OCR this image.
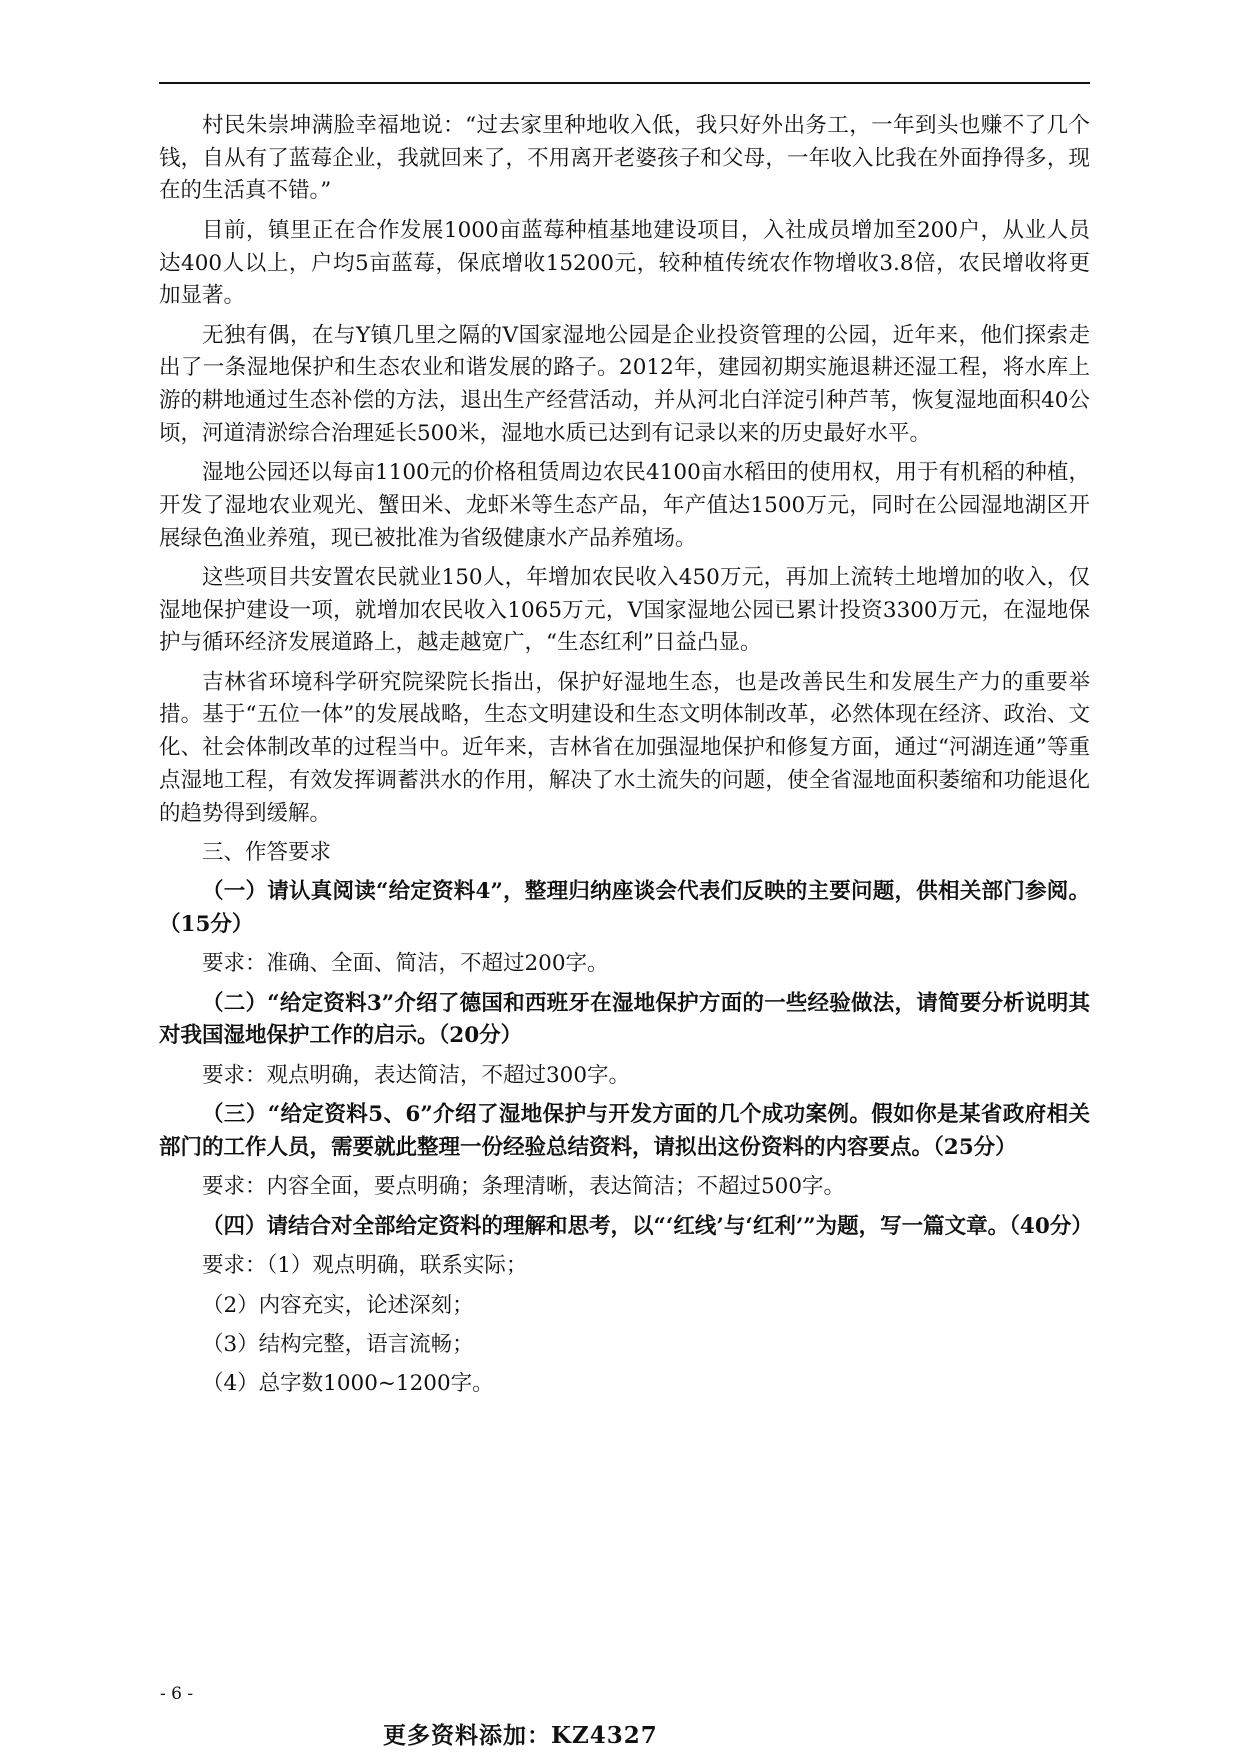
村民朱崇坤满脸幸福地说：“过去家里种地收入低，我只好外出务工，一年到头也赚不了几个钱，自从有了蓝莓企业，我就回来了，不用离开老婆孩子和父母，一年收入比我在外面挣得多，现在的生活真不错。”

目前，镇里正在合作发展1000亩蓝莓种植基地建设项目，入社成员增加至200户，从业人员达400人以上，户均5亩蓝莓，保底增收15200元，较种植传统农作物增收3.8倍，农民增收将更加显著。

无独有偶，在与Y镇几里之隔的V国家湿地公园是企业投资管理的公园，近年来，他们探索走出了一条湿地保护和生态农业和谐发展的路子。2012年，建园初期实施退耕还湿工程，将水库上游的耕地通过生态补偿的方法，退出生产经营活动，并从河北白洋淀引种芦苇，恢复湿地面积40公顷，河道清淤综合治理延长500米，湿地水质已达到有记录以来的历史最好水平。

湿地公园还以每亩1100元的价格租赁周边农民4100亩水稻田的使用权，用于有机稻的种植，开发了湿地农业观光、蟹田米、龙虾米等生态产品，年产值达1500万元，同时在公园湿地湖区开展绿色渔业养殖，现已被批准为省级健康水产品养殖场。

这些项目共安置农民就业150人，年增加农民收入450万元，再加上流转土地增加的收入，仅湿地保护建设一项，就增加农民收入1065万元，V国家湿地公园已累计投资3300万元，在湿地保护与循环经济发展道路上，越走越宽广，“生态红利”日益凸显。

吉林省环境科学研究院梁院长指出，保护好湿地生态，也是改善民生和发展生产力的重要举措。基于“五位一体”的发展战略，生态文明建设和生态文明体制改革，必然体现在经济、政治、文化、社会体制改革的过程当中。近年来，吉林省在加强湿地保护和修复方面，通过“河湖连通”等重点湿地工程，有效发挥调蓄洪水的作用，解决了水土流失的问题，使全省湿地面积萎缩和功能退化的趋势得到缓解。

三、作答要求

（一）请认真阅读“给定资料4”，整理归纳座谈会代表们反映的主要问题，供相关部门参阅。（15分）

要求：准确、全面、简洁，不超过200字。

（二）“给定资料3”介绍了德国和西班牙在湿地保护方面的一些经验做法，请简要分析说明其对我国湿地保护工作的启示。（20分）

要求：观点明确，表达简洁，不超过300字。

（三）“给定资料5、6”介绍了湿地保护与开发方面的几个成功案例。假如你是某省政府相关部门的工作人员，需要就此整理一份经验总结资料，请拟出这份资料的内容要点。（25分）

要求：内容全面，要点明确；条理清晰，表达简洁；不超过500字。

（四）请结合对全部给定资料的理解和思考，以“‘红线’与‘红利’”为题，写一篇文章。（40分）

要求：（1）观点明确，联系实际；

（2）内容充实，论述深刻；

（3）结构完整，语言流畅；

（4）总字数1000~1200字。

- 6 -
更多资料添加：KZ4327
